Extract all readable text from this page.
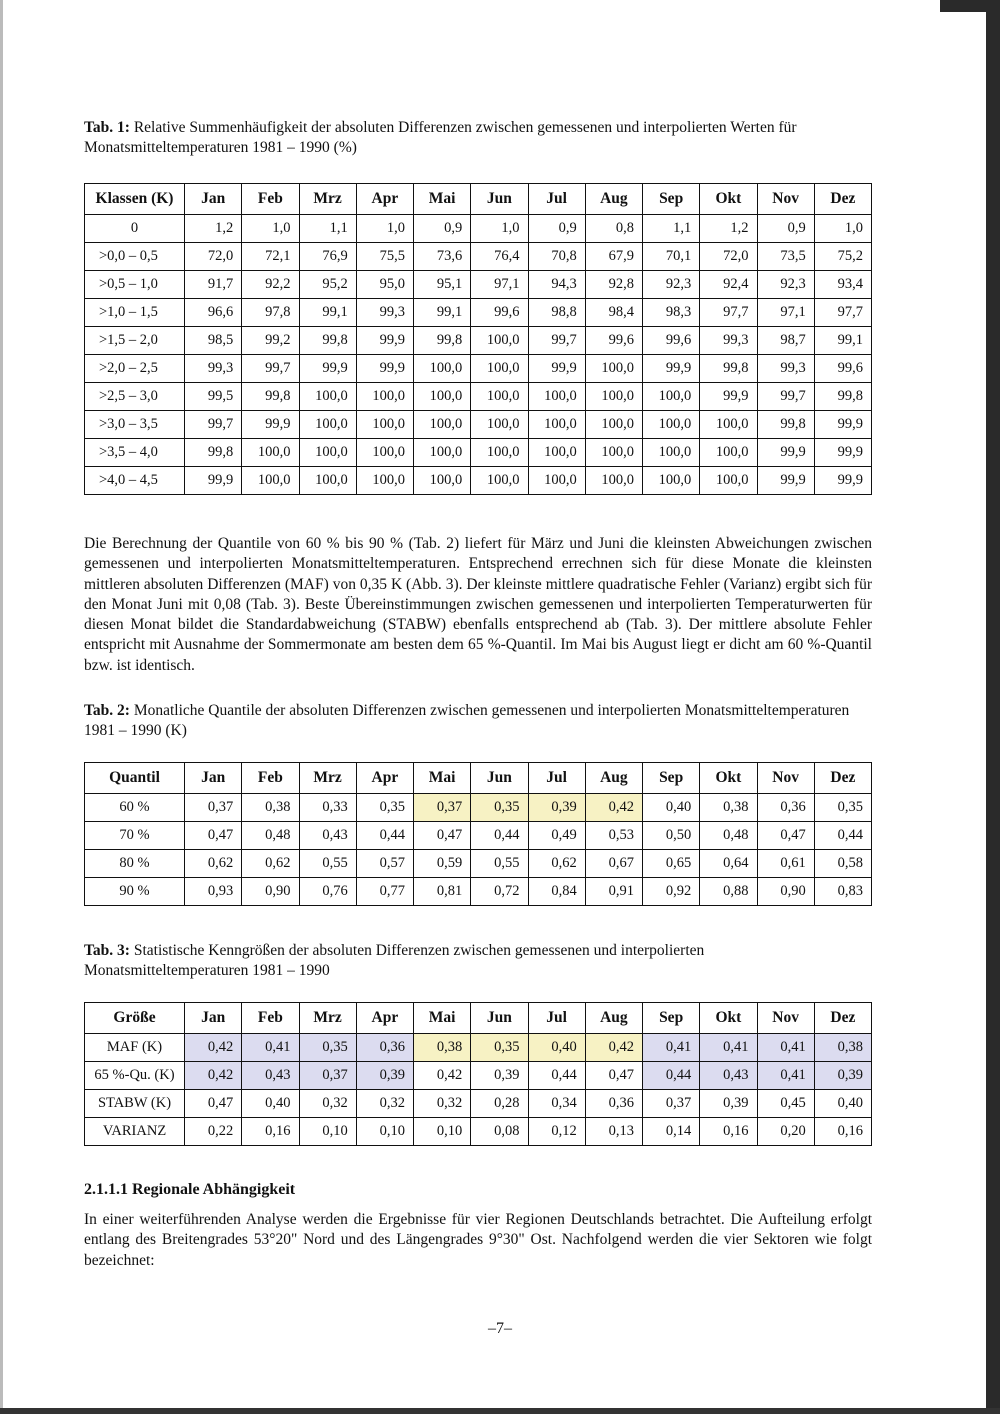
Tab. 1: Relative Summenhäufigkeit der absoluten Differenzen zwischen gemessenen und interpolierten Werten für Monatsmitteltemperaturen 1981 – 1990 (%)
Klassen (K)	Jan	Feb	Mrz	Apr	Mai	Jun	Jul	Aug	Sep	Okt	Nov	Dez
0	1,2	1,0	1,1	1,0	0,9	1,0	0,9	0,8	1,1	1,2	0,9	1,0
>0,0 – 0,5	72,0	72,1	76,9	75,5	73,6	76,4	70,8	67,9	70,1	72,0	73,5	75,2
>0,5 – 1,0	91,7	92,2	95,2	95,0	95,1	97,1	94,3	92,8	92,3	92,4	92,3	93,4
>1,0 – 1,5	96,6	97,8	99,1	99,3	99,1	99,6	98,8	98,4	98,3	97,7	97,1	97,7
>1,5 – 2,0	98,5	99,2	99,8	99,9	99,8	100,0	99,7	99,6	99,6	99,3	98,7	99,1
>2,0 – 2,5	99,3	99,7	99,9	99,9	100,0	100,0	99,9	100,0	99,9	99,8	99,3	99,6
>2,5 – 3,0	99,5	99,8	100,0	100,0	100,0	100,0	100,0	100,0	100,0	99,9	99,7	99,8
>3,0 – 3,5	99,7	99,9	100,0	100,0	100,0	100,0	100,0	100,0	100,0	100,0	99,8	99,9
>3,5 – 4,0	99,8	100,0	100,0	100,0	100,0	100,0	100,0	100,0	100,0	100,0	99,9	99,9
>4,0 – 4,5	99,9	100,0	100,0	100,0	100,0	100,0	100,0	100,0	100,0	100,0	99,9	99,9
Die Berechnung der Quantile von 60 % bis 90 % (Tab. 2) liefert für März und Juni die kleinsten Abweichungen zwischen gemessenen und interpolierten Monatsmitteltemperaturen. Entsprechend errechnen sich für diese Monate die kleinsten mittleren absoluten Differenzen (MAF) von 0,35 K (Abb. 3). Der kleinste mittlere quadratische Fehler (Varianz) ergibt sich für den Monat Juni mit 0,08 (Tab. 3). Beste Übereinstimmungen zwischen gemessenen und interpolierten Temperaturwerten für diesen Monat bildet die Standardabweichung (STABW) ebenfalls entsprechend ab (Tab. 3). Der mittlere absolute Fehler entspricht mit Ausnahme der Sommermonate am besten dem 65 %-Quantil. Im Mai bis August liegt er dicht am 60 %-Quantil bzw. ist identisch.
Tab. 2: Monatliche Quantile der absoluten Differenzen zwischen gemessenen und interpolierten Monatsmitteltemperaturen 1981 – 1990 (K)
Quantil	Jan	Feb	Mrz	Apr	Mai	Jun	Jul	Aug	Sep	Okt	Nov	Dez
60 %	0,37	0,38	0,33	0,35	0,37	0,35	0,39	0,42	0,40	0,38	0,36	0,35
70 %	0,47	0,48	0,43	0,44	0,47	0,44	0,49	0,53	0,50	0,48	0,47	0,44
80 %	0,62	0,62	0,55	0,57	0,59	0,55	0,62	0,67	0,65	0,64	0,61	0,58
90 %	0,93	0,90	0,76	0,77	0,81	0,72	0,84	0,91	0,92	0,88	0,90	0,83
Tab. 3: Statistische Kenngrößen der absoluten Differenzen zwischen gemessenen und interpolierten Monatsmitteltemperaturen 1981 – 1990
Größe	Jan	Feb	Mrz	Apr	Mai	Jun	Jul	Aug	Sep	Okt	Nov	Dez
MAF (K)	0,42	0,41	0,35	0,36	0,38	0,35	0,40	0,42	0,41	0,41	0,41	0,38
65 %-Qu. (K)	0,42	0,43	0,37	0,39	0,42	0,39	0,44	0,47	0,44	0,43	0,41	0,39
STABW (K)	0,47	0,40	0,32	0,32	0,32	0,28	0,34	0,36	0,37	0,39	0,45	0,40
VARIANZ	0,22	0,16	0,10	0,10	0,10	0,08	0,12	0,13	0,14	0,16	0,20	0,16
2.1.1.1 Regionale Abhängigkeit
In einer weiterführenden Analyse werden die Ergebnisse für vier Regionen Deutschlands betrachtet. Die Aufteilung erfolgt entlang des Breitengrades 53°20" Nord und des Längengrades 9°30" Ost. Nachfolgend werden die vier Sektoren wie folgt bezeichnet:
–7–
